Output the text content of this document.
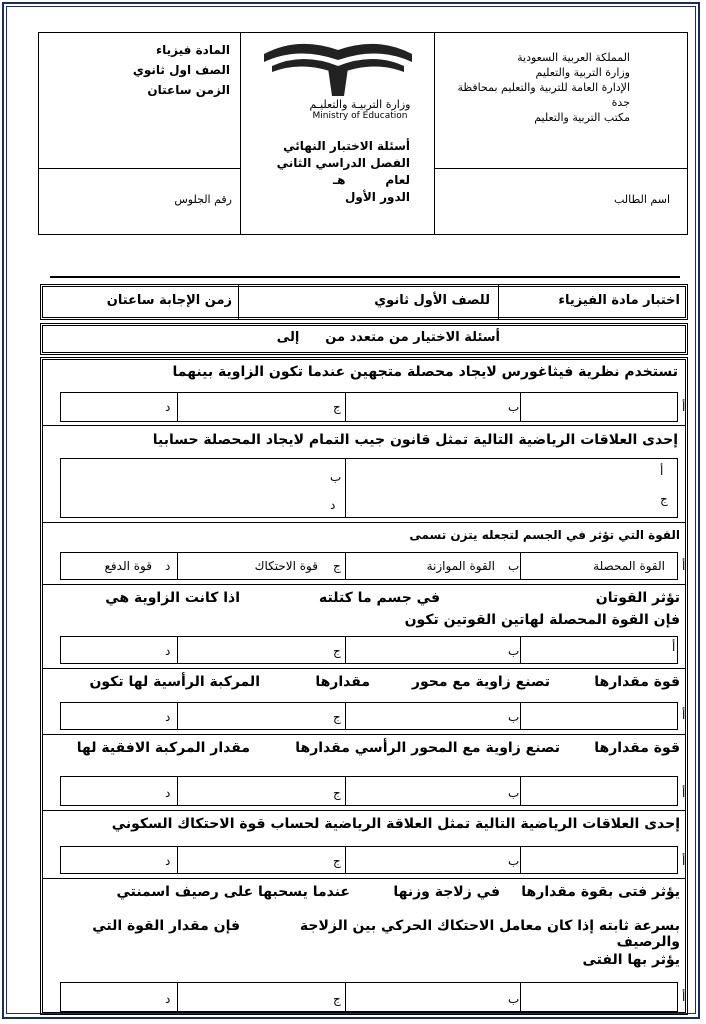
المملكة العربية السعودية
وزارة التربية والتعليم
الإدارة العامة للتربية والتعليم بمحافظة جدة
مكتب التربية والتعليم
اسم الطالب
وزارة التربيـة والتعليـم
Ministry of Education
أسئلة الاختبار النهائي
الفصل الدراسي الثاني
لعامهـ
الدور الأول
المادة فيزياء
الصف اول ثانوي
الزمن ساعتان
رقم الجلوس
اختبار مادة الفيزياء
للصف الأول ثانوي
زمن الإجابة ساعتان
أسئلة الاختيار من متعدد منإلى
تستخدم نظرية فيثاغورس لايجاد محصلة متجهين عندما تكون الزاوية بينهما
أ
ب
ج
د
إحدى العلاقات الرياضية التالية تمثل قانون جيب التمام لايجاد المحصلة حسابيا
أ
ب
ج
د
القوة التي تؤثر في الجسم لتجعله يتزن تسمى
أ
القوة المحصلة
ب
القوة الموازنة
ج
قوة الاحتكاك
د
قوة الدفع
تؤثر القوتان
في جسم ما كتلته
اذا كانت الزاوية هي
فإن القوة المحصلة لهاتين القوتين تكون
أ
ب
ج
د
قوة مقدارها
تصنع زاوية مع محور
مقدارها
المركبة الرأسية لها تكون
أ
ب
ج
د
قوة مقدارها
تصنع زاوية مع المحور الرأسي مقدارها
مقدار المركبة الافقية لها
أ
ب
ج
د
إحدى العلاقات الرياضية التالية تمثل العلاقة الرياضية لحساب قوة الاحتكاك السكوني
أ
ب
ج
د
يؤثر فتى بقوة مقدارها
في زلاجة وزنها
عندما يسحبها على رصيف اسمنتي
بسرعة ثابته إذا كان معامل الاحتكاك الحركي بين الزلاجة والرصيف
فإن مقدار القوة التي
يؤثر بها الفتى
أ
ب
ج
د
